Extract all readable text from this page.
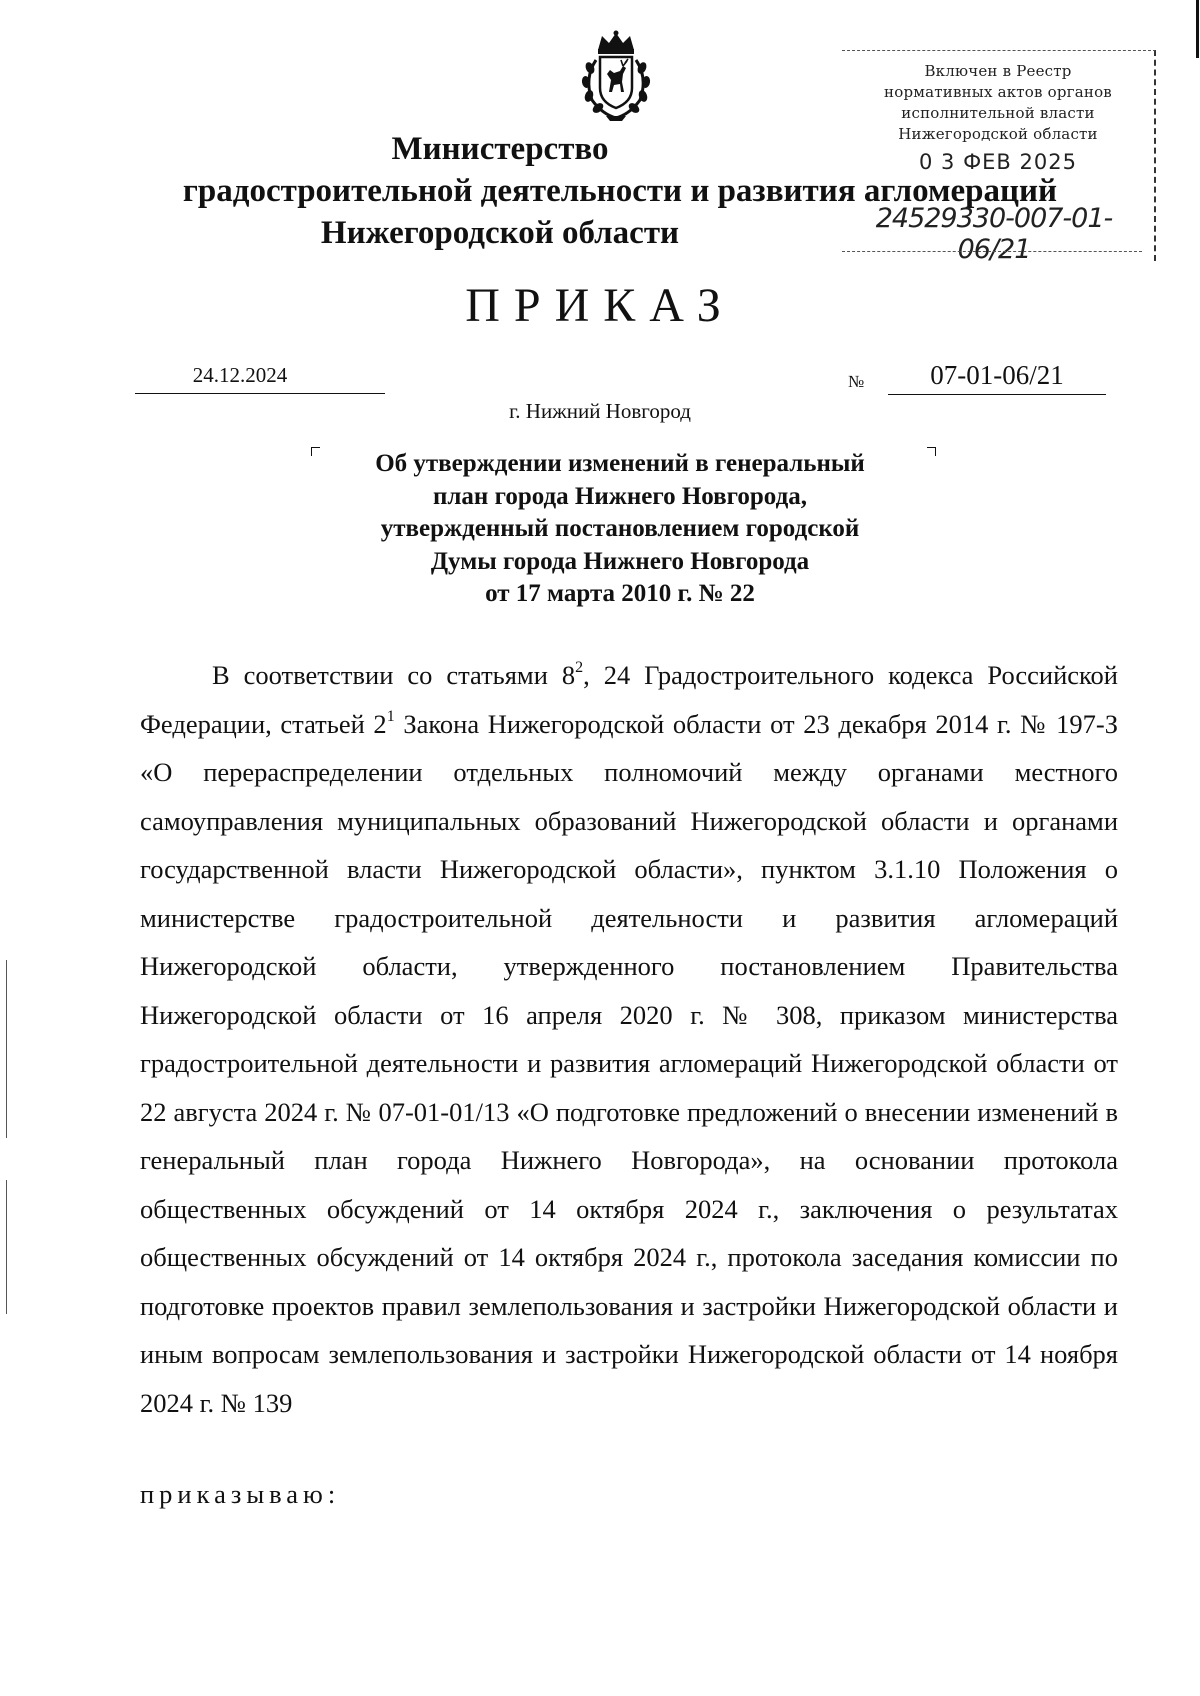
Министерство
градостроительной деятельности и развития агломераций
Нижегородской области
Включен в Реестр
нормативных актов органов
исполнительной власти
Нижегородской области
0 3 ФЕВ 2025
24529330-007-01-06/21
ПРИКАЗ
24.12.2024	№	07-01-06/21
г. Нижний Новгород
Об утверждении изменений в генеральный
план города Нижнего Новгорода,
утвержденный постановлением городской
Думы города Нижнего Новгорода
от 17 марта 2010 г. № 22

В соответствии со статьями $8^2$, 24 Градостроительного кодекса Российской Федерации, статьей $2^1$ Закона Нижегородской области от 23 декабря 2014 г. № 197-З «О перераспределении отдельных полномочий между органами местного самоуправления муниципальных образований Нижегородской области и органами государственной власти Нижегородской области», пунктом 3.1.10 Положения о министерстве градостроительной деятельности и развития агломераций Нижегородской области, утвержденного постановлением Правительства Нижегородской области от 16 апреля 2020 г. № 308, приказом министерства градостроительной деятельности и развития агломераций Нижегородской области от 22 августа 2024 г. № 07-01-01/13 «О подготовке предложений о внесении изменений в генеральный план города Нижнего Новгорода», на основании протокола общественных обсуждений от 14 октября 2024 г., заключения о результатах общественных обсуждений от 14 октября 2024 г., протокола заседания комиссии по подготовке проектов правил землепользования и застройки Нижегородской области и иным вопросам землепользования и застройки Нижегородской области от 14 ноября 2024 г. № 139

приказываю:
